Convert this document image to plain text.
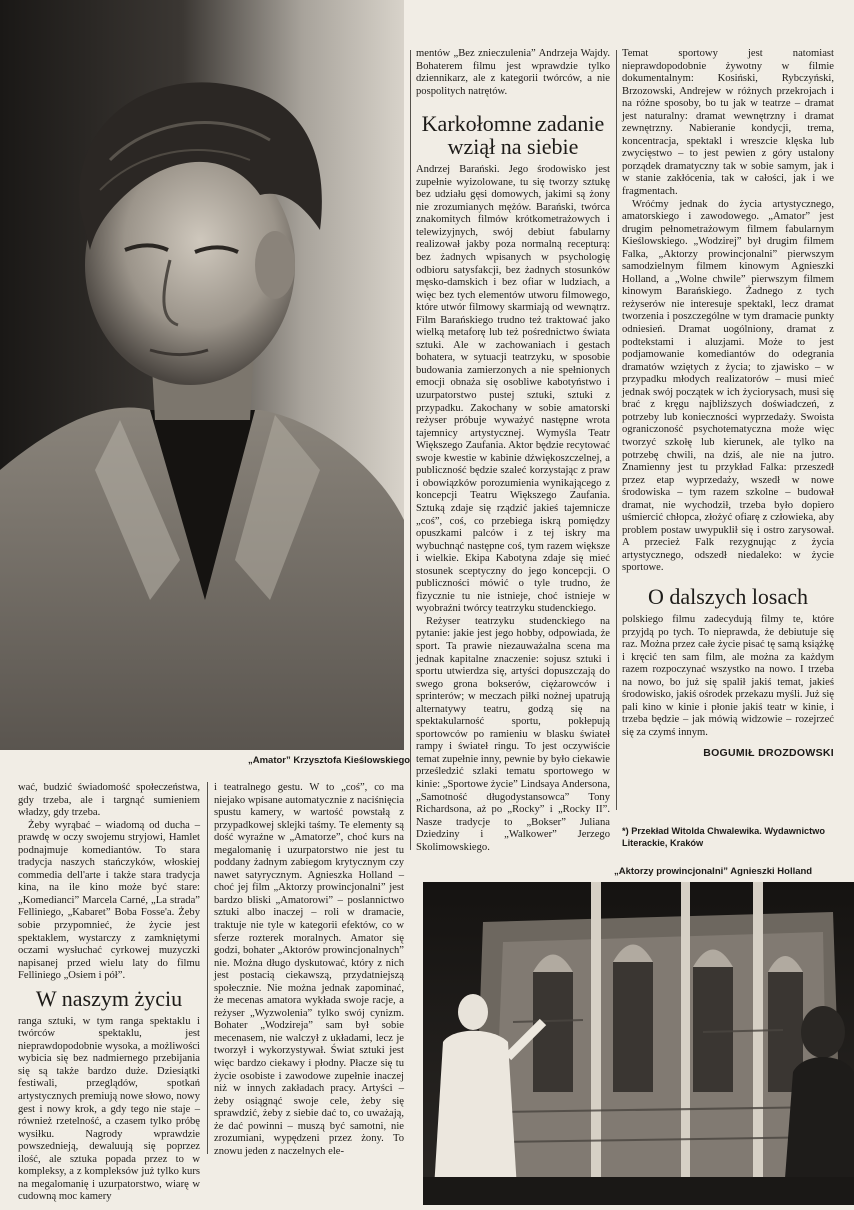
„Amator” Krzysztofa Kieślowskiego

wać, budzić świadomość społeczeństwa, gdy trzeba, ale i targnąć sumieniem władzy, gdy trzeba.

Żeby wyrąbać – wiadomą od ducha – prawdę w oczy swojemu stryjowi, Hamlet podnajmuje komediantów. To stara tradycja naszych stańczyków, włoskiej commedia dell'arte i także stara tradycja kina, na ile kino może być stare: „Komedianci” Marcela Carné, „La strada” Felliniego, „Kabaret” Boba Fosse'a. Żeby sobie przypomnieć, że życie jest spektaklem, wystarczy z zamkniętymi oczami wysłuchać cyrkowej muzyczki napisanej przed wielu laty do filmu Felliniego „Osiem i pół”.

W naszym życiu

ranga sztuki, w tym ranga spektaklu i twórców spektaklu, jest nieprawdopodobnie wysoka, a możliwości wybicia się bez nadmiernego przebijania się są także bardzo duże. Dziesiątki festiwali, przeglądów, spotkań artystycznych premiują nowe słowo, nowy gest i nowy krok, a gdy tego nie staje – również rzetelność, a czasem tylko próbę wysiłku. Nagrody wprawdzie powszednieją, dewaluują się poprzez ilość, ale sztuka popada przez to w kompleksy, a z kompleksów już tylko kurs na megalomanię i uzurpatorstwo, wiarę w cudowną moc kamery

i teatralnego gestu. W to „coś”, co ma niejako wpisane automatycznie z naciśnięcia spustu kamery, w wartość powstałą z przypadkowej sklejki taśmy. Te elementy są dość wyraźne w „Amatorze”, choć kurs na megalomanię i uzurpatorstwo nie jest tu poddany żadnym zabiegom krytycznym czy nawet satyrycznym. Agnieszka Holland – choć jej film „Aktorzy prowincjonalni” jest bardzo bliski „Amatorowi” – poslannictwo sztuki albo inaczej – roli w dramacie, traktuje nie tyle w kategorii efektów, co w sferze rozterek moralnych. Amator się godzi, bohater „Aktorów prowincjonalnych” nie. Można długo dyskutować, który z nich jest postacią ciekawszą, przydatniejszą społecznie. Nie można jednak zapominać, że mecenas amatora wykłada swoje racje, a reżyser „Wyzwolenia” tylko swój cynizm. Bohater „Wodzireja” sam był sobie mecenasem, nie walczył z układami, lecz je tworzył i wykorzystywał. Świat sztuki jest więc bardzo ciekawy i płodny. Płacze się tu życie osobiste i zawodowe zupełnie inaczej niż w innych zakładach pracy. Artyści – żeby osiągnąć swoje cele, żeby się sprawdzić, żeby z siebie dać to, co uważają, że dać powinni – muszą być samotni, nie zrozumiani, wypędzeni przez żony. To znowu jeden z naczelnych ele-

mentów „Bez znieczulenia” Andrzeja Wajdy. Bohaterem filmu jest wprawdzie tylko dziennikarz, ale z kategorii twórców, a nie pospolitych natrętów.

Karkołomne zadanie wziął na siebie

Andrzej Barański. Jego środowisko jest zupełnie wyizolowane, tu się tworzy sztukę bez udziału gęsi domowych, jakimi są żony nie zrozumianych mężów. Barański, twórca znakomitych filmów krótkometrażowych i telewizyjnych, swój debiut fabularny realizował jakby poza normalną recepturą: bez żadnych wpisanych w psychologię odbioru satysfakcji, bez żadnych stosunków męsko-damskich i bez ofiar w ludziach, a więc bez tych elementów utworu filmowego, które utwór filmowy skarmiają od wewnątrz. Film Barańskiego trudno też traktować jako wielką metaforę lub też pośrednictwo świata sztuki. Ale w zachowaniach i gestach bohatera, w sytuacji teatrzyku, w sposobie budowania zamierzonych a nie spełnionych emocji obnaża się osobliwe kabotyństwo i uzurpatorstwo pustej sztuki, sztuki z przypadku. Zakochany w sobie amatorski reżyser próbuje wyważyć następne wrota tajemnicy artystycznej. Wymyśla Teatr Większego Zaufania. Aktor będzie recytować swoje kwestie w kabinie dźwiękoszczelnej, a publiczność będzie szaleć korzystając z praw i obowiązków porozumienia wynikającego z koncepcji Teatru Większego Zaufania. Sztuką zdaje się rządzić jakieś tajemnicze „coś”, coś, co przebiega iskrą pomiędzy opuszkami palców i z tej iskry ma wybuchnąć następne coś, tym razem większe i wielkie. Ekipa Kabotyna zdaje się mieć stosunek sceptyczny do jego koncepcji. O publiczności mówić o tyle trudno, że fizycznie tu nie istnieje, choć istnieje w wyobraźni twórcy teatrzyku studenckiego.

Reżyser teatrzyku studenckiego na pytanie: jakie jest jego hobby, odpowiada, że sport. Ta prawie niezauważalna scena ma jednak kapitalne znaczenie: sojusz sztuki i sportu utwierdza się, artyści dopuszczają do swego grona bokserów, ciężarowców i sprinterów; w meczach piłki nożnej upatrują alternatywy teatru, godzą się na spektakularność sportu, pokłepują sportowców po ramieniu w blasku świateł rampy i świateł ringu. To jest oczywiście temat zupełnie inny, pewnie by było ciekawie prześledzić szlaki tematu sportowego w kinie: „Sportowe życie” Lindsaya Andersona, „Samotność długodystansowca” Tony Richardsona, aż po „Rocky” i „Rocky II”. Nasze tradycje to „Bokser” Juliana Dziedziny i „Walkower” Jerzego Skolimowskiego.

Temat sportowy jest natomiast nieprawdopodobnie żywotny w filmie dokumentalnym: Kosiński, Rybczyński, Brzozowski, Andrejew w różnych przekrojach i na różne sposoby, bo tu jak w teatrze – dramat jest naturalny: dramat wewnętrzny i dramat zewnętrzny. Nabieranie kondycji, trema, koncentracja, spektakl i wreszcie klęska lub zwycięstwo – to jest pewien z góry ustalony porządek dramatyczny tak w sobie samym, jak i w stanie zakłócenia, tak w całości, jak i we fragmentach.

Wróćmy jednak do życia artystycznego, amatorskiego i zawodowego. „Amator” jest drugim pełnometrażowym filmem fabularnym Kieślowskiego. „Wodzirej” był drugim filmem Falka, „Aktorzy prowincjonalni” pierwszym samodzielnym filmem kinowym Agnieszki Holland, a „Wolne chwile” pierwszym filmem kinowym Barańskiego. Żadnego z tych reżyserów nie interesuje spektakl, lecz dramat tworzenia i poszczególne w tym dramacie punkty odniesień. Dramat uogólniony, dramat z podtekstami i aluzjami. Może to jest podjamowanie komediantów do odegrania dramatów wziętych z życia; to zjawisko – w przypadku młodych realizatorów – musi mieć jednak swój początek w ich życiorysach, musi się brać z kręgu najbliższych doświadczeń, z potrzeby lub konieczności wyprzedaży. Swoista ograniczoność psychotematyczna może więc tworzyć szkołę lub kierunek, ale tylko na potrzebę chwili, na dziś, ale nie na jutro. Znamienny jest tu przykład Falka: przeszedł przez etap wyprzedaży, wszedł w nowe środowiska – tym razem szkolne – budował dramat, nie wychodził, trzeba było dopiero uśmiercić chłopca, złożyć ofiarę z człowieka, aby problem postaw uwypuklił się i ostro zarysował. A przecież Falk rezygnując z życia artystycznego, odszedł niedaleko: w życie sportowe.

O dalszych losach

polskiego filmu zadecydują filmy te, które przyjdą po tych. To nieprawda, że debiutuje się raz. Można przez całe życie pisać tę samą książkę i kręcić ten sam film, ale można za każdym razem rozpoczynać wszystko na nowo. I trzeba na nowo, bo już się spalił jakiś temat, jakieś środowisko, jakiś ośrodek przekazu myśli. Już się pali kino w kinie i płonie jakiś teatr w kinie, i trzeba będzie – jak mówią widzowie – rozejrzeć się za czymś innym.

BOGUMIŁ DROZDOWSKI
*) Przekład Witolda Chwalewika. Wydawnictwo Literackie, Kraków
„Aktorzy prowincjonalni” Agnieszki Holland
